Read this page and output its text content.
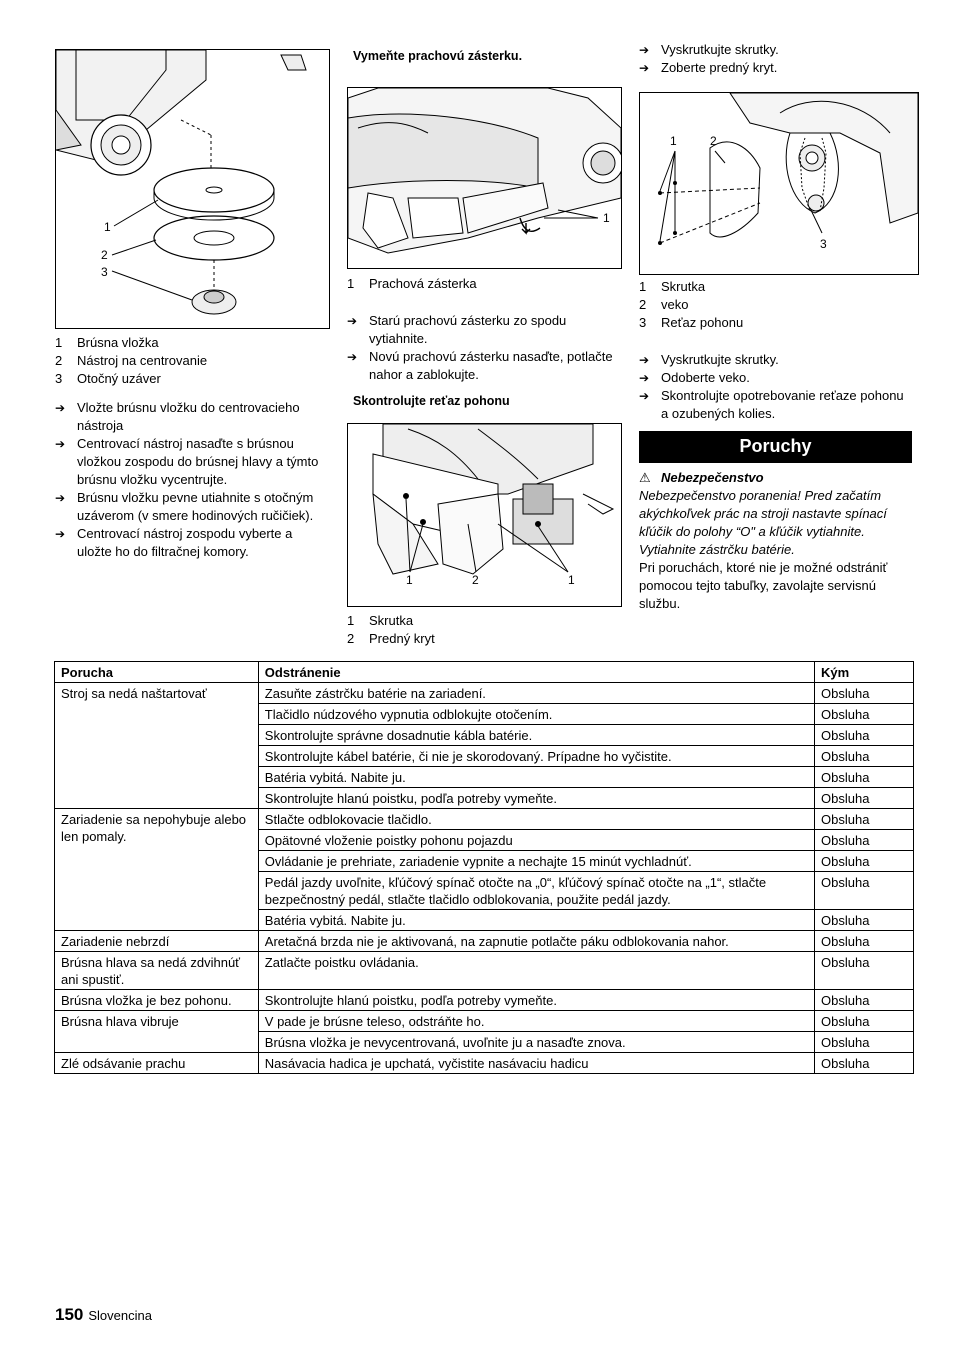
1
2
3
1	Brúsna vložka
2	Nástroj na centrovanie
3	Otočný uzáver
➔ Vložte brúsnu vložku do centrovacieho nástroja
➔ Centrovací nástroj nasaďte s brúsnou vložkou zospodu do brúsnej hlavy a týmto brúsnu vložku vycentrujte.
➔ Brúsnu vložku pevne utiahnite s otočným uzáverom (v smere hodinových ručičiek).
➔ Centrovací nástroj zospodu vyberte a uložte ho do filtračnej komory.

Vymeňte prachovú zásterku.

1
1	Prachová zásterka
➔ Starú prachovú zásterku zo spodu vytiahnite.
➔ Novú prachovú zásterku nasaďte, potlačte nahor a zablokujte.

Skontrolujte reťaz pohonu

1	2	1
1	Skrutka
2	Predný kryt
➔ Vyskrutkujte skrutky.
➔ Zoberte predný kryt.
1	2
3
1	Skrutka
2	veko
3	Reťaz pohonu
➔ Vyskrutkujte skrutky.
➔ Odoberte veko.
➔ Skontrolujte opotrebovanie reťaze pohonu a ozubených kolies.
Poruchy
⚠ Nebezpečenstvo

Nebezpečenstvo poranenia! Pred začatím akýchkoľvek prác na stroji nastavte spínací kľúčik do polohy “O" a kľúčik vytiahnite. Vytiahnite zástrčku batérie.

Pri poruchách, ktoré nie je možné odstrániť pomocou tejto tabuľky, zavolajte servisnú službu.

Porucha	Odstránenie	Kým
Stroj sa nedá naštartovať	Zasuňte zástrčku batérie na zariadení.	Obsluha
	Tlačidlo núdzového vypnutia odblokujte otočením.	Obsluha
	Skontrolujte správne dosadnutie kábla batérie.	Obsluha
	Skontrolujte kábel batérie, či nie je skorodovaný. Prípadne ho vyčistite.	Obsluha
	Batéria vybitá. Nabite ju.	Obsluha
	Skontrolujte hlanú poistku, podľa potreby vymeňte.	Obsluha
Zariadenie sa nepohybuje alebo len pomaly.	Stlačte odblokovacie tlačidlo.	Obsluha
	Opätovné vloženie poistky pohonu pojazdu	Obsluha
	Ovládanie je prehriate, zariadenie vypnite a nechajte 15 minút vychladnúť.	Obsluha
	Pedál jazdy uvoľnite, kľúčový spínač otočte na „0“, kľúčový spínač otočte na „1“, stlačte bezpečnostný pedál, stlačte tlačidlo odblokovania, použite pedál jazdy.	Obsluha
	Batéria vybitá. Nabite ju.	Obsluha
Zariadenie nebrzdí	Aretačná brzda nie je aktivovaná, na zapnutie potlačte páku odblokovania nahor.	Obsluha
Brúsna hlava sa nedá zdvihnúť ani spustiť.	Zatlačte poistku ovládania.	Obsluha
Brúsna vložka je bez pohonu.	Skontrolujte hlanú poistku, podľa potreby vymeňte.	Obsluha
Brúsna hlava vibruje	V pade je brúsne teleso, odstráňte ho.	Obsluha
	Brúsna vložka je nevycentrovaná, uvoľnite ju a nasaďte znova.	Obsluha
Zlé odsávanie prachu	Nasávacia hadica je upchatá, vyčistite nasávaciu hadicu	Obsluha
150 Slovencina
